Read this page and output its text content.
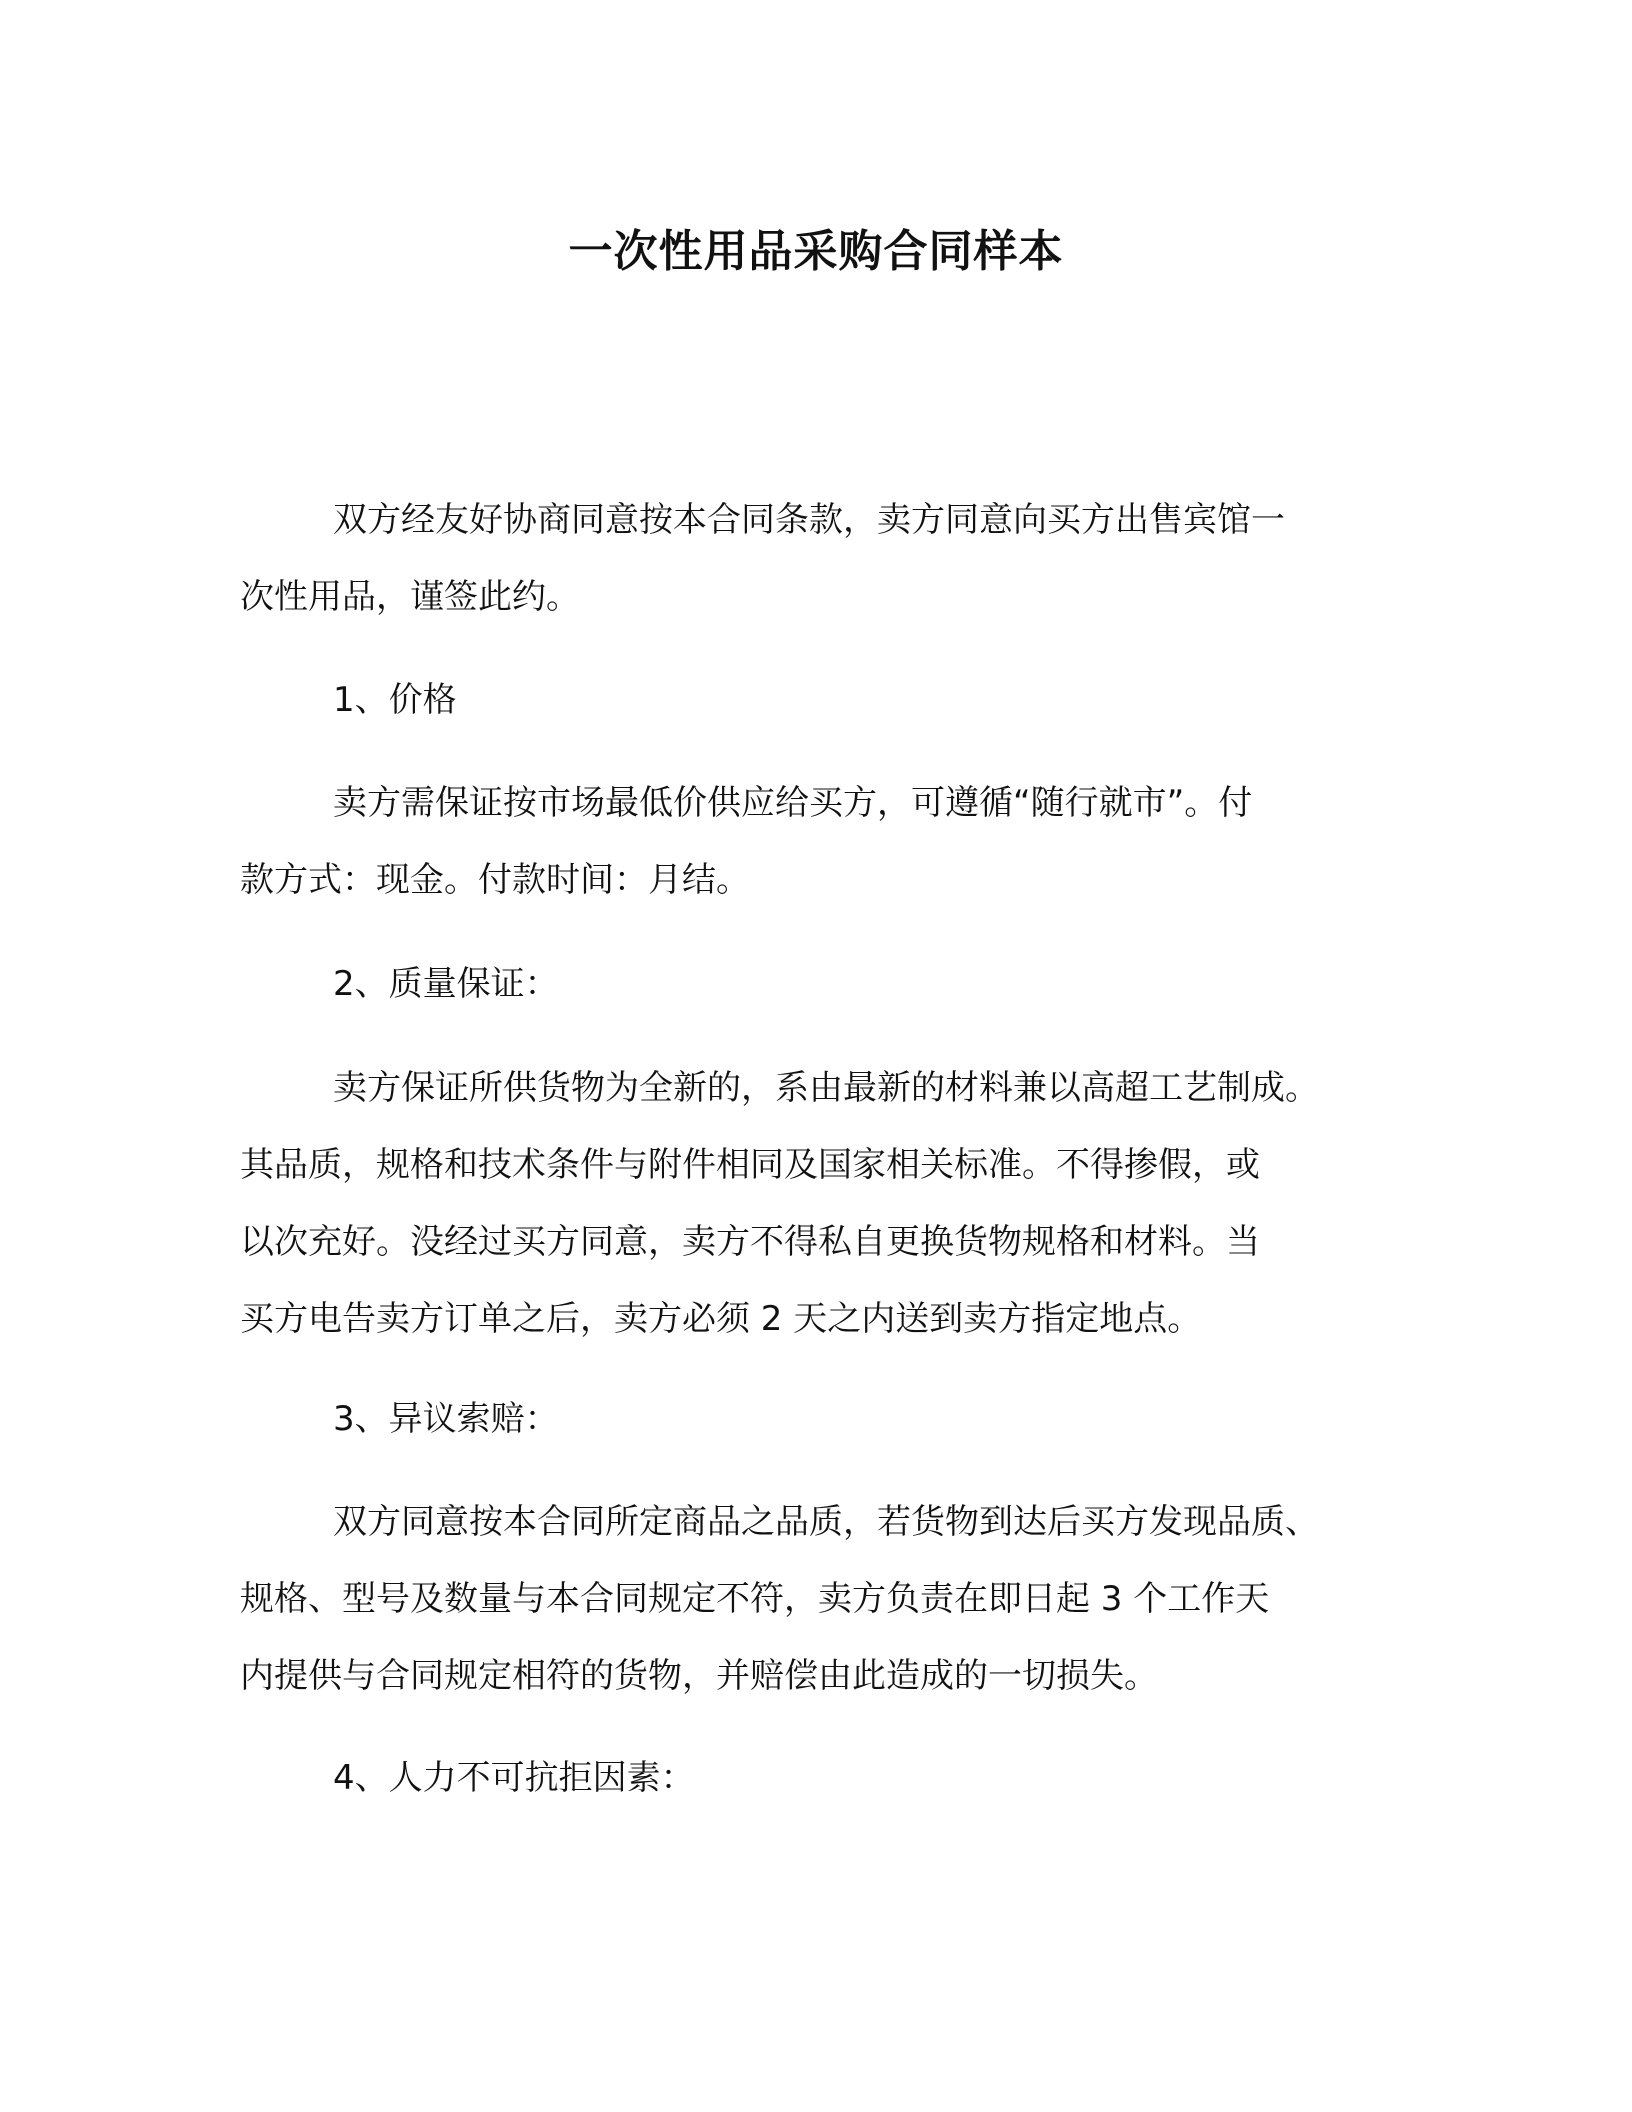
一次性用品采购合同样本

双方经友好协商同意按本合同条款，卖方同意向买方出售宾馆一
次性用品，谨签此约。

1、价格

卖方需保证按市场最低价供应给买方，可遵循“随行就市”。付
款方式：现金。付款时间：月结。

2、质量保证：

卖方保证所供货物为全新的，系由最新的材料兼以高超工艺制成。
其品质，规格和技术条件与附件相同及国家相关标准。不得掺假，或
以次充好。没经过买方同意，卖方不得私自更换货物规格和材料。当
买方电告卖方订单之后，卖方必须 2 天之内送到卖方指定地点。

3、异议索赔：

双方同意按本合同所定商品之品质，若货物到达后买方发现品质、
规格、型号及数量与本合同规定不符，卖方负责在即日起 3 个工作天
内提供与合同规定相符的货物，并赔偿由此造成的一切损失。

4、人力不可抗拒因素：
